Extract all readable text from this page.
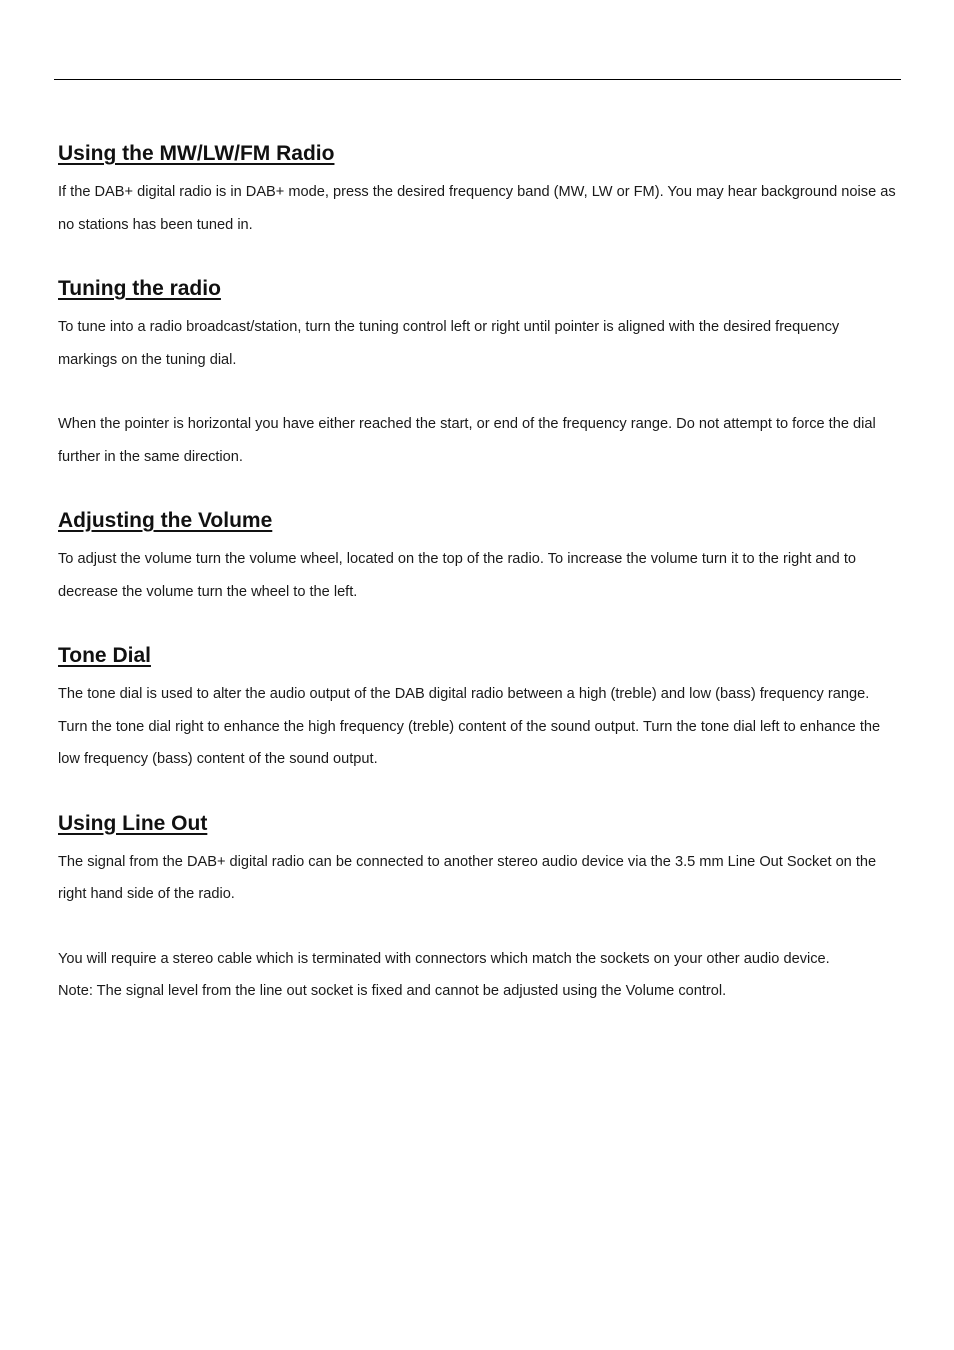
Using the MW/LW/FM Radio

If the DAB+ digital radio is in DAB+ mode, press the desired frequency band (MW, LW or FM). You may hear background noise as no stations has been tuned in.

Tuning the radio

To tune into a radio broadcast/station, turn the tuning control left or right until pointer is aligned with the desired frequency markings on the tuning dial.

When the pointer is horizontal you have either reached the start, or end of the frequency range. Do not attempt to force the dial further in the same direction.

Adjusting the Volume

To adjust the volume turn the volume wheel, located on the top of the radio. To increase the volume turn it to the right and to decrease the volume turn the wheel to the left.

Tone Dial

The tone dial is used to alter the audio output of the DAB digital radio between a high (treble) and low (bass) frequency range. Turn the tone dial right to enhance the high frequency (treble) content of the sound output. Turn the tone dial left to enhance the low frequency (bass) content of the sound output.

Using Line Out

The signal from the DAB+ digital radio can be connected to another stereo audio device via the 3.5 mm Line Out Socket on the right hand side of the radio.

You will require a stereo cable which is terminated with connectors which match the sockets on your other audio device.

Note: The signal level from the line out socket is fixed and cannot be adjusted using the Volume control.
